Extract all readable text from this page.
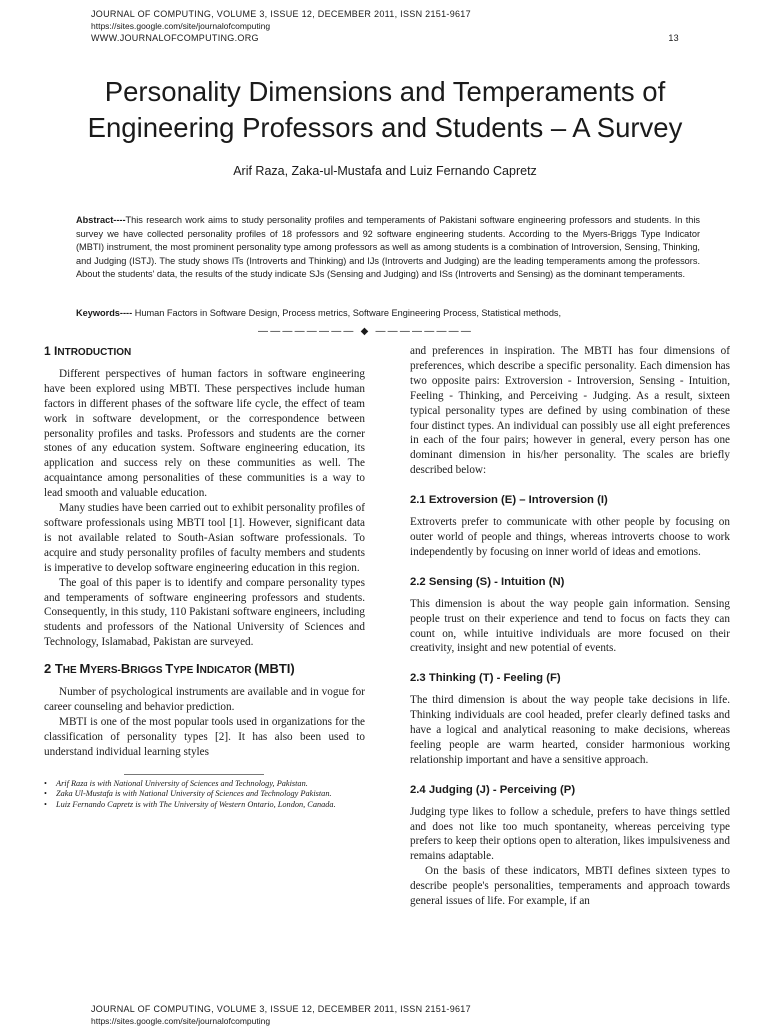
JOURNAL OF COMPUTING, VOLUME 3, ISSUE 12, DECEMBER 2011, ISSN 2151-9617
https://sites.google.com/site/journalofcomputing
WWW.JOURNALOFCOMPUTING.ORG	13
Personality Dimensions and Temperaments of
Engineering Professors and Students – A Survey
Arif Raza, Zaka-ul-Mustafa and Luiz Fernando Capretz
Abstract----This research work aims to study personality profiles and temperaments of Pakistani software engineering professors and students. In this survey we have collected personality profiles of 18 professors and 92 software engineering students. According to the Myers-Briggs Type Indicator (MBTI) instrument, the most prominent personality type among professors as well as among students is a combination of Introversion, Sensing, Thinking, and Judging (ISTJ). The study shows ITs (Introverts and Thinking) and IJs (Introverts and Judging) are the leading temperaments among the professors. About the students' data, the results of the study indicate SJs (Sensing and Judging) and ISs (Introverts and Sensing) as the dominant temperaments.
Keywords---- Human Factors in Software Design, Process metrics, Software Engineering Process, Statistical methods,
———————— ◆ ————————
1 INTRODUCTION

Different perspectives of human factors in software engineering have been explored using MBTI. These perspectives include human factors in different phases of the software life cycle, the effect of team work in software development, or the correspondence between personality profiles and tasks. Professors and students are the corner stones of any education system. Software engineering education, its application and success rely on these communities as well. The acquaintance among personalities of these communities is a way to lead smooth and valuable education.

Many studies have been carried out to exhibit personality profiles of software professionals using MBTI tool [1]. However, significant data is not available related to South-Asian software professionals. To acquire and study personality profiles of faculty members and students is imperative to develop software engineering education in this region.

The goal of this paper is to identify and compare personality types and temperaments of software engineering professors and students. Consequently, in this study, 110 Pakistani software engineers, including students and professors of the National University of Sciences and Technology, Islamabad, Pakistan are surveyed.

2 THE MYERS-BRIGGS TYPE INDICATOR (MBTI)

Number of psychological instruments are available and in vogue for career counseling and behavior prediction.

MBTI is one of the most popular tools used in organizations for the classification of personality types [2]. It has also been used to understand individual learning styles

•	Arif Raza is with National University of Sciences and Technology, Pakistan.
•	Zaka Ul-Mustafa is with National University of Sciences and Technology Pakistan.
•	Luiz Fernando Capretz is with The University of Western Ontario, London, Canada.

and preferences in inspiration. The MBTI has four dimensions of preferences, which describe a specific personality. Each dimension has two opposite pairs: Extroversion - Introversion, Sensing - Intuition, Feeling - Thinking, and Perceiving - Judging. As a result, sixteen typical personality types are defined by using combination of these four distinct types. An individual can possibly use all eight preferences in each of the four pairs; however in general, every person has one dominant dimension in his/her personality. The scales are briefly described below:

2.1 Extroversion (E) – Introversion (I)

Extroverts prefer to communicate with other people by focusing on outer world of people and things, whereas introverts choose to work independently by focusing on inner world of ideas and emotions.

2.2 Sensing (S) - Intuition (N)

This dimension is about the way people gain information. Sensing people trust on their experience and tend to focus on facts they can count on, while intuitive individuals are more focused on their creativity, insight and new potential of events.

2.3 Thinking (T) - Feeling (F)

The third dimension is about the way people take decisions in life. Thinking individuals are cool headed, prefer clearly defined tasks and have a logical and analytical reasoning to make decisions, whereas feeling people are warm hearted, consider harmonious working relationship important and have a sensitive approach.

2.4 Judging (J) - Perceiving (P)

Judging type likes to follow a schedule, prefers to have things settled and does not like too much spontaneity, whereas perceiving type prefers to keep their options open to alteration, likes impulsiveness and remains adaptable.

On the basis of these indicators, MBTI defines sixteen types to describe people's personalities, temperaments and approach towards general issues of life. For example, if an

JOURNAL OF COMPUTING, VOLUME 3, ISSUE 12, DECEMBER 2011, ISSN 2151-9617
https://sites.google.com/site/journalofcomputing
